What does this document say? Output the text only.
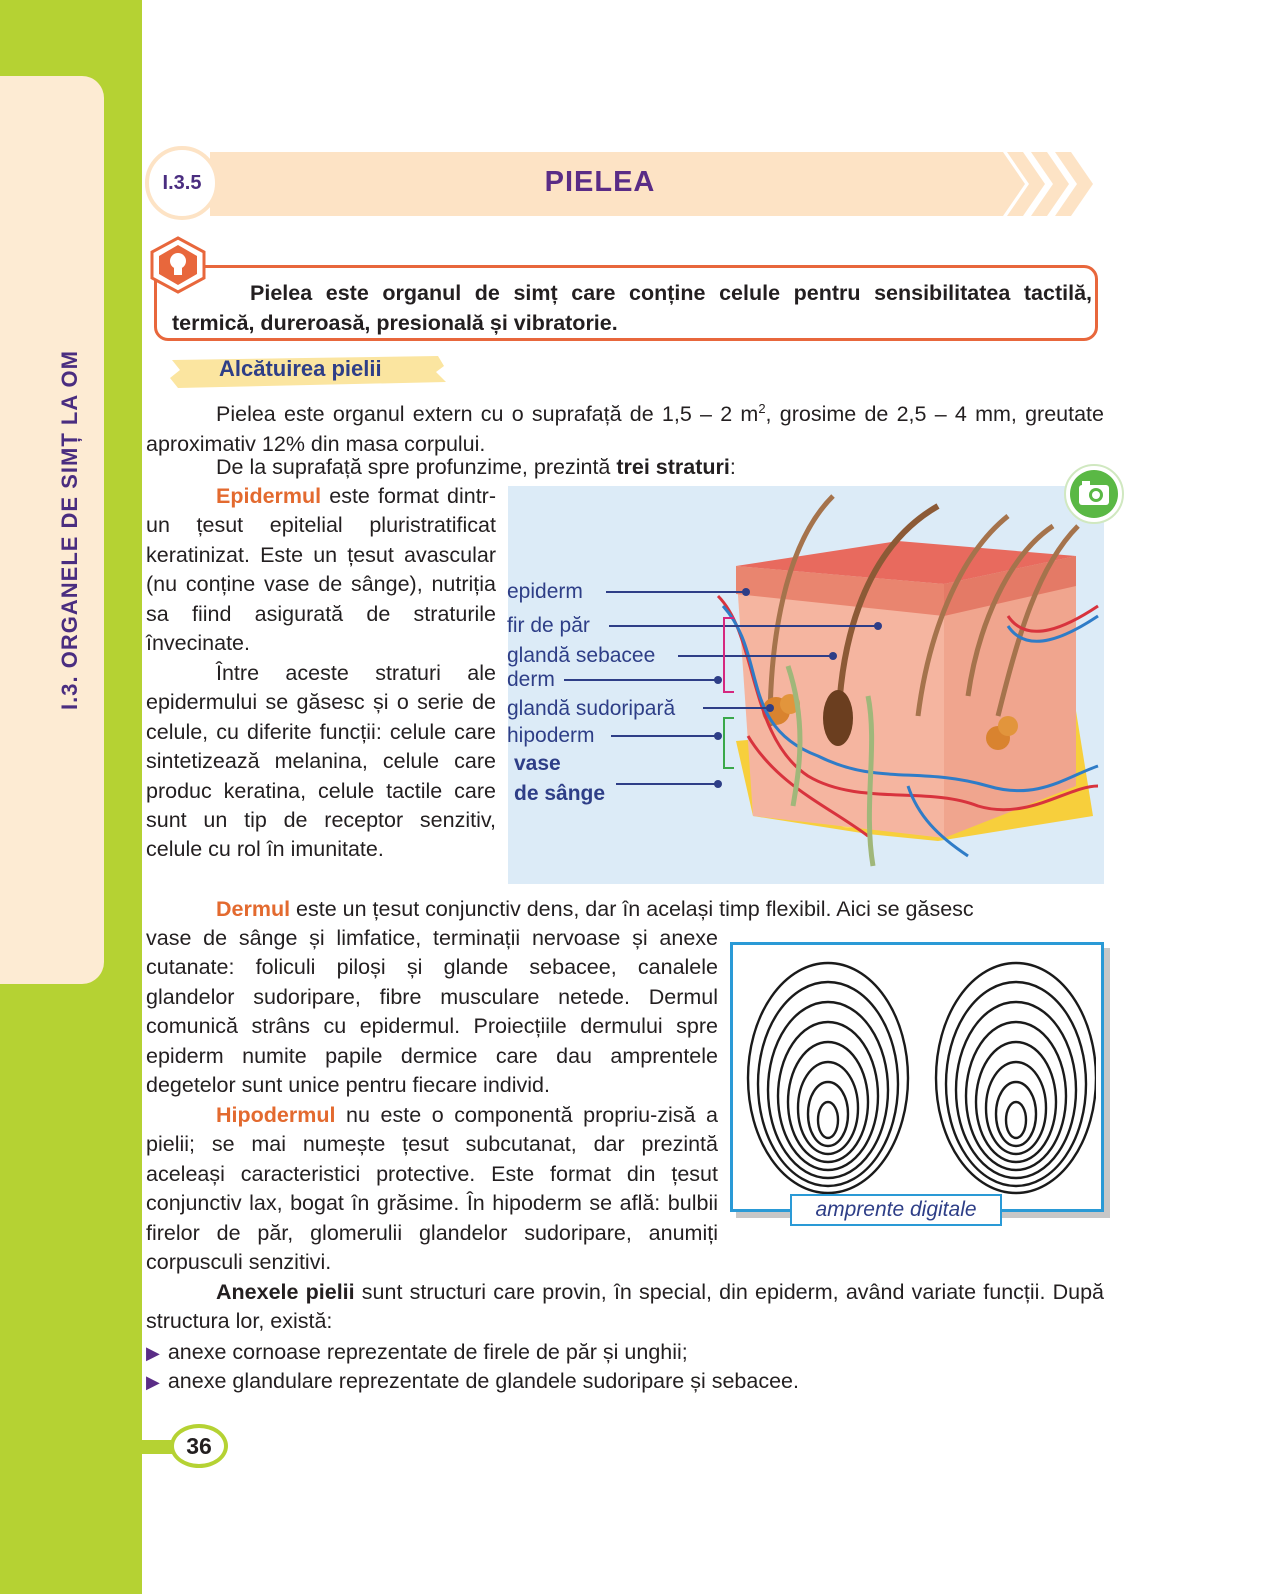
I.3. ORGANELE DE SIMȚ LA OM
I.3.5	PIELEA
Pielea este organul de simț care conține celule pentru sensibilitatea tactilă, termică, dureroasă, presională și vibratorie.
Alcătuirea pielii

Pielea este organul extern cu o suprafață de 1,5 – 2 $m^2$, grosime de 2,5 – 4 mm, greutate aproximativ 12% din masa corpului.

De la suprafață spre profunzime, prezintă trei straturi:

Epidermul este format dintr-un țesut epitelial pluristratificat keratinizat. Este un țesut avascular (nu conține vase de sânge), nutriția sa fiind asigurată de straturile învecinate.

Între aceste straturi ale epidermului se găsesc și o serie de celule, cu diferite funcții: celule care sintetizează melanina, celule care produc keratina, celule tactile care sunt un tip de receptor senzitiv, celule cu rol în imunitate.

epiderm
fir de păr
glandă sebacee
derm
glandă sudoripară
hipoderm
vase
de sânge

Dermul este un țesut conjunctiv dens, dar în același timp flexibil. Aici se găsesc

vase de sânge și limfatice, terminații nervoase și anexe cutanate: foliculi piloși și glande sebacee, canalele glandelor sudoripare, fibre musculare netede. Dermul comunică strâns cu epidermul. Proiecțiile dermului spre epiderm numite papile dermice care dau amprentele degetelor sunt unice pentru fiecare individ.

amprente digitale

Hipodermul nu este o componentă propriu-zisă a pielii; se mai numește țesut subcutanat, dar prezintă aceleași caracteristici protective. Este format din țesut conjunctiv lax, bogat în grăsime. În hipoderm se află: bulbii firelor de păr, glomerulii glandelor sudoripare, anumiți corpusculi senzitivi.

Anexele pielii sunt structuri care provin, în special, din epiderm, având variate funcții. După structura lor, există:

▶ anexe cornoase reprezentate de firele de păr și unghii;
▶ anexe glandulare reprezentate de glandele sudoripare și sebacee.
36
